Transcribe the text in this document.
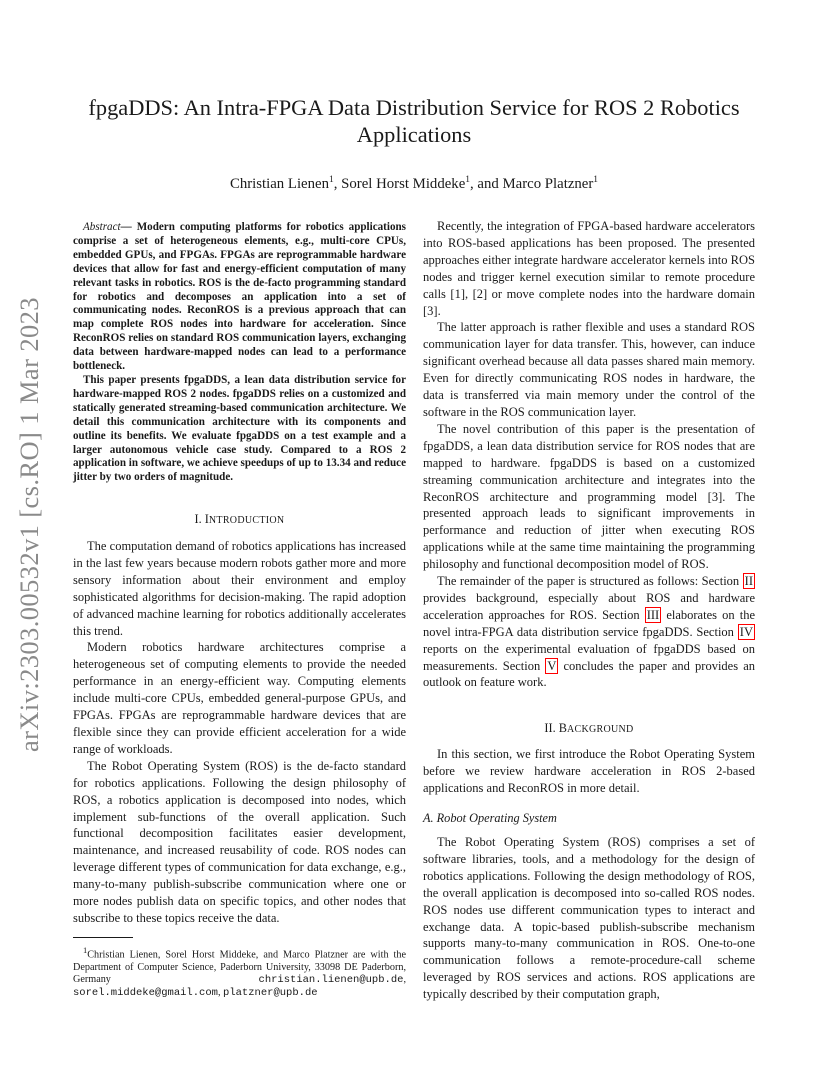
arXiv:2303.00532v1 [cs.RO] 1 Mar 2023
fpgaDDS: An Intra-FPGA Data Distribution Service for ROS 2 Robotics Applications
Christian Lienen$^1$, Sorel Horst Middeke$^1$, and Marco Platzner$^1$

Abstract— Modern computing platforms for robotics applications comprise a set of heterogeneous elements, e.g., multi-core CPUs, embedded GPUs, and FPGAs. FPGAs are reprogrammable hardware devices that allow for fast and energy-efficient computation of many relevant tasks in robotics. ROS is the de-facto programming standard for robotics and decomposes an application into a set of communicating nodes. ReconROS is a previous approach that can map complete ROS nodes into hardware for acceleration. Since ReconROS relies on standard ROS communication layers, exchanging data between hardware-mapped nodes can lead to a performance bottleneck.

This paper presents fpgaDDS, a lean data distribution service for hardware-mapped ROS 2 nodes. fpgaDDS relies on a customized and statically generated streaming-based communication architecture. We detail this communication architecture with its components and outline its benefits. We evaluate fpgaDDS on a test example and a larger autonomous vehicle case study. Compared to a ROS 2 application in software, we achieve speedups of up to 13.34 and reduce jitter by two orders of magnitude.

I. INTRODUCTION

The computation demand of robotics applications has increased in the last few years because modern robots gather more and more sensory information about their environment and employ sophisticated algorithms for decision-making. The rapid adoption of advanced machine learning for robotics additionally accelerates this trend.

Modern robotics hardware architectures comprise a heterogeneous set of computing elements to provide the needed performance in an energy-efficient way. Computing elements include multi-core CPUs, embedded general-purpose GPUs, and FPGAs. FPGAs are reprogrammable hardware devices that are flexible since they can provide efficient acceleration for a wide range of workloads.

The Robot Operating System (ROS) is the de-facto standard for robotics applications. Following the design philosophy of ROS, a robotics application is decomposed into nodes, which implement sub-functions of the overall application. Such functional decomposition facilitates easier development, maintenance, and increased reusability of code. ROS nodes can leverage different types of communication for data exchange, e.g., many-to-many publish-subscribe communication where one or more nodes publish data on specific topics, and other nodes that subscribe to these topics receive the data.

$^1$Christian Lienen, Sorel Horst Middeke, and Marco Platzner are with the Department of Computer Science, Paderborn University, 33098 DE Paderborn, Germany christian.lienen@upb.de, sorel.middeke@gmail.com, platzner@upb.de

Recently, the integration of FPGA-based hardware accelerators into ROS-based applications has been proposed. The presented approaches either integrate hardware accelerator kernels into ROS nodes and trigger kernel execution similar to remote procedure calls [1], [2] or move complete nodes into the hardware domain [3].

The latter approach is rather flexible and uses a standard ROS communication layer for data transfer. This, however, can induce significant overhead because all data passes shared main memory. Even for directly communicating ROS nodes in hardware, the data is transferred via main memory under the control of the software in the ROS communication layer.

The novel contribution of this paper is the presentation of fpgaDDS, a lean data distribution service for ROS nodes that are mapped to hardware. fpgaDDS is based on a customized streaming communication architecture and integrates into the ReconROS architecture and programming model [3]. The presented approach leads to significant improvements in performance and reduction of jitter when executing ROS applications while at the same time maintaining the programming philosophy and functional decomposition model of ROS.

The remainder of the paper is structured as follows: Section II provides background, especially about ROS and hardware acceleration approaches for ROS. Section III elaborates on the novel intra-FPGA data distribution service fpgaDDS. Section IV reports on the experimental evaluation of fpgaDDS based on measurements. Section V concludes the paper and provides an outlook on feature work.

II. BACKGROUND

In this section, we first introduce the Robot Operating System before we review hardware acceleration in ROS 2-based applications and ReconROS in more detail.

A. Robot Operating System

The Robot Operating System (ROS) comprises a set of software libraries, tools, and a methodology for the design of robotics applications. Following the design methodology of ROS, the overall application is decomposed into so-called ROS nodes. ROS nodes use different communication types to interact and exchange data. A topic-based publish-subscribe mechanism supports many-to-many communication in ROS. One-to-one communication follows a remote-procedure-call scheme leveraged by ROS services and actions. ROS applications are typically described by their computation graph,
